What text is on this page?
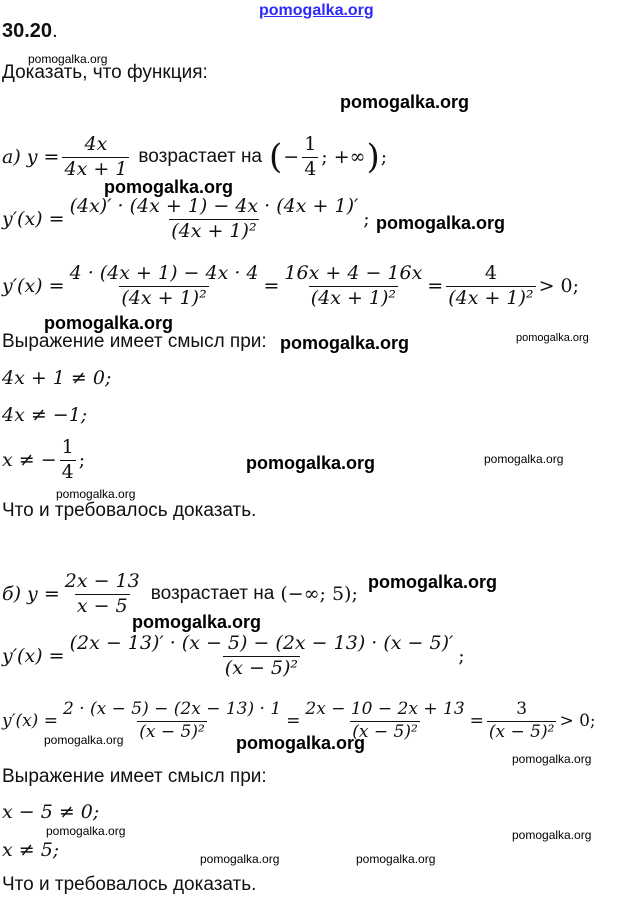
pomogalka.org
pomogalka.org
pomogalka.org
pomogalka.org
pomogalka.org
pomogalka.org
pomogalka.org	pomogalka.org
pomogalka.org	pomogalka.org
pomogalka.org
pomogalka.org
pomogalka.org
pomogalka.org	pomogalka.org
pomogalka.org
pomogalka.org	pomogalka.org
pomogalka.org	pomogalka.org
30.20.
Доказать, что функция:
а) $y = \frac{4x}{4x + 1}$ возрастает на ( − $\frac{1}{4}$ ; +∞ ) ;
$y'(x) = \frac{(4x)' \cdot (4x + 1) - 4x \cdot (4x + 1)'}{\text{(4x + 1)²}}$ ;
$y'(x) = \frac{4 \cdot (4x + 1) - 4x \cdot 4}{\text{(4x + 1)²}} = \frac{16x + 4 - 16x}{\text{(4x + 1)²}} = \frac{4}{\text{(4x + 1)²}} > 0$;
Выражение имеет смысл при:
4x + 1 ≠ 0;
4x ≠ −1;
x ≠ − $\frac{1}{4}$ ;
Что и требовалось доказать.
б) $y = \frac{2x - 13}{x - 5}$ возрастает на (−∞; 5);
$y'(x) = \frac{(2x - 13)' \cdot (x - 5) - (2x - 13) \cdot (x - 5)'}{\text{(x − 5)²}}$ ;
$y'(x) = \frac{2 \cdot (x - 5) - (2x - 13) \cdot 1}{\text{(x − 5)²}} = \frac{2x - 10 - 2x + 13}{\text{(x − 5)²}} = \frac{3}{\text{(x − 5)²}} > 0$;
Выражение имеет смысл при:
x − 5 ≠ 0;
x ≠ 5;
Что и требовалось доказать.
